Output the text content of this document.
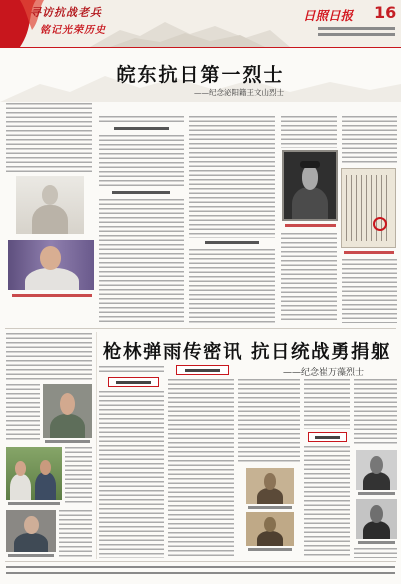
寻访抗战老兵
铭记光荣历史
日照日报 16
皖东抗日第一烈士
——纪念泌阳籍王文山烈士
枪林弹雨传密讯 抗日统战勇捐躯
——纪念崔万藻烈士
